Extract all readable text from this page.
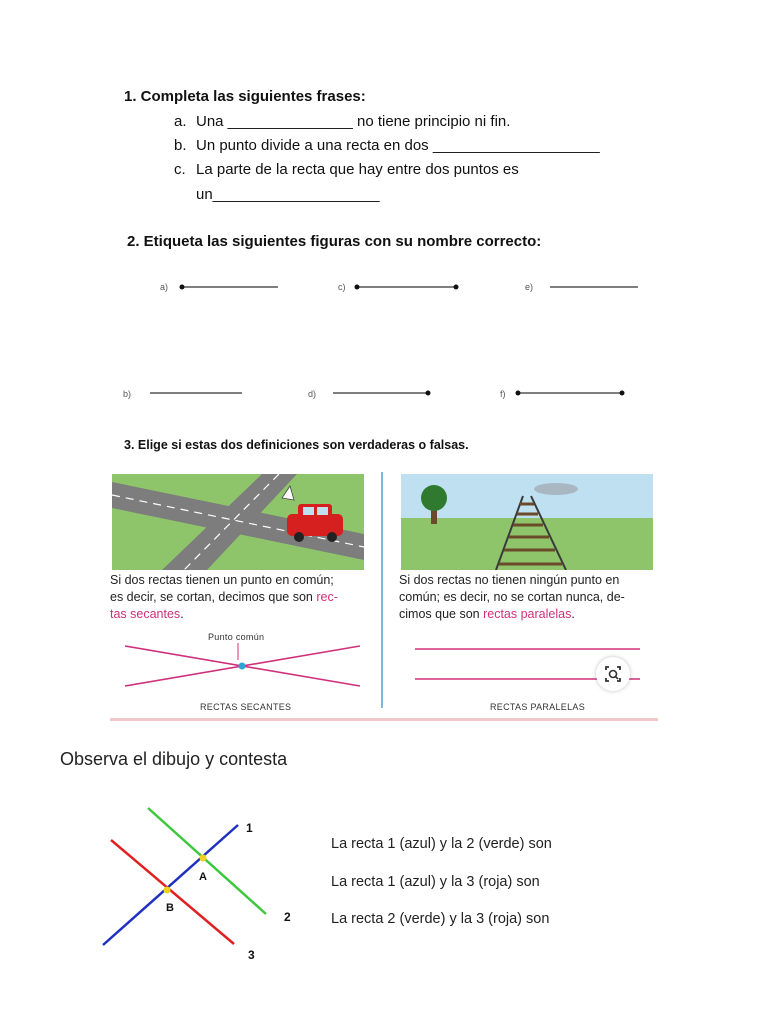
1. Completa las siguientes frases:
a. Una _______________ no tiene principio ni fin.
b. Un punto divide a una recta en dos ____________________
c. La parte de la recta que hay entre dos puntos es
un____________________
2. Etiqueta las siguientes figuras con su nombre correcto:
a)	c)	e)
b)	d)	f)
3. Elige si estas dos definiciones son verdaderas o falsas.
Si dos rectas tienen un punto en común;
es decir, se cortan, decimos que son rec-
tas secantes.
Punto común
RECTAS SECANTES
Si dos rectas no tienen ningún punto en
común; es decir, no se cortan nunca, de-
cimos que son rectas paralelas.
RECTAS PARALELAS
Observa el dibujo y contesta
1
2
3
A
B
La recta 1 (azul) y la 2 (verde) son
La recta 1 (azul) y la 3 (roja) son
La recta 2 (verde) y la 3 (roja) son
